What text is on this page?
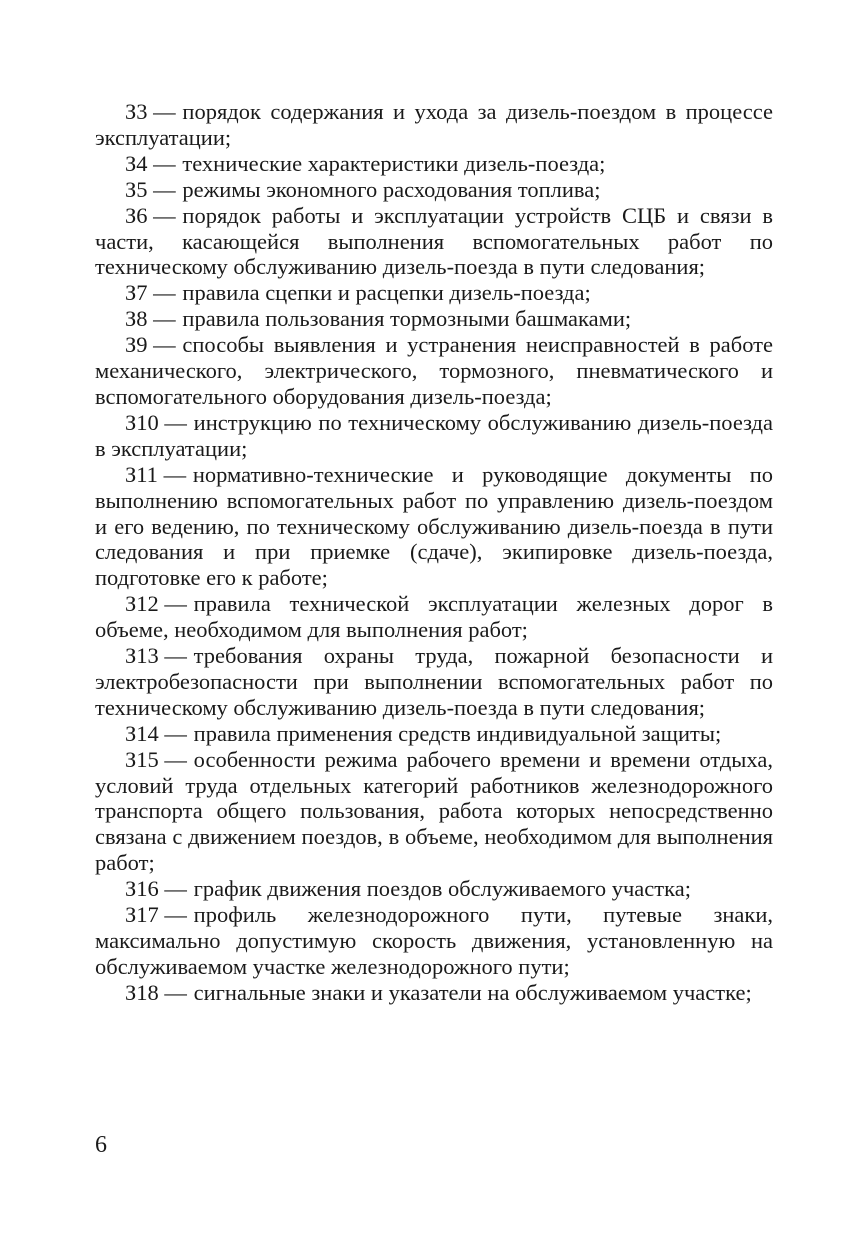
З3 — порядок содержания и ухода за дизель-поездом в процессе эксплуатации;

З4 — технические характеристики дизель-поезда;

З5 — режимы экономного расходования топлива;

З6 — порядок работы и эксплуатации устройств СЦБ и связи в части, касающейся выполнения вспомогательных работ по техническому обслуживанию дизель-поезда в пути следования;

З7 — правила сцепки и расцепки дизель-поезда;

З8 — правила пользования тормозными башмаками;

З9 — способы выявления и устранения неисправностей в работе механического, электрического, тормозного, пневматического и вспомогательного оборудования дизель-поезда;

З10 — инструкцию по техническому обслуживанию дизель-поезда в эксплуатации;

З11 — нормативно-технические и руководящие документы по выполнению вспомогательных работ по управлению дизель-поездом и его ведению, по техническому обслуживанию дизель-поезда в пути следования и при приемке (сдаче), экипировке дизель-поезда, подготовке его к работе;

З12 — правила технической эксплуатации железных дорог в объеме, необходимом для выполнения работ;

З13 — требования охраны труда, пожарной безопасности и электробезопасности при выполнении вспомогательных работ по техническому обслуживанию дизель-поезда в пути следования;

З14 — правила применения средств индивидуальной защиты;

З15 — особенности режима рабочего времени и времени отдыха, условий труда отдельных категорий работников железнодорожного транспорта общего пользования, работа которых непосредственно связана с движением поездов, в объеме, необходимом для выполнения работ;

З16 — график движения поездов обслуживаемого участка;

З17 — профиль железнодорожного пути, путевые знаки, максимально допустимую скорость движения, установленную на обслуживаемом участке железнодорожного пути;

З18 — сигнальные знаки и указатели на обслуживаемом участке;

6
